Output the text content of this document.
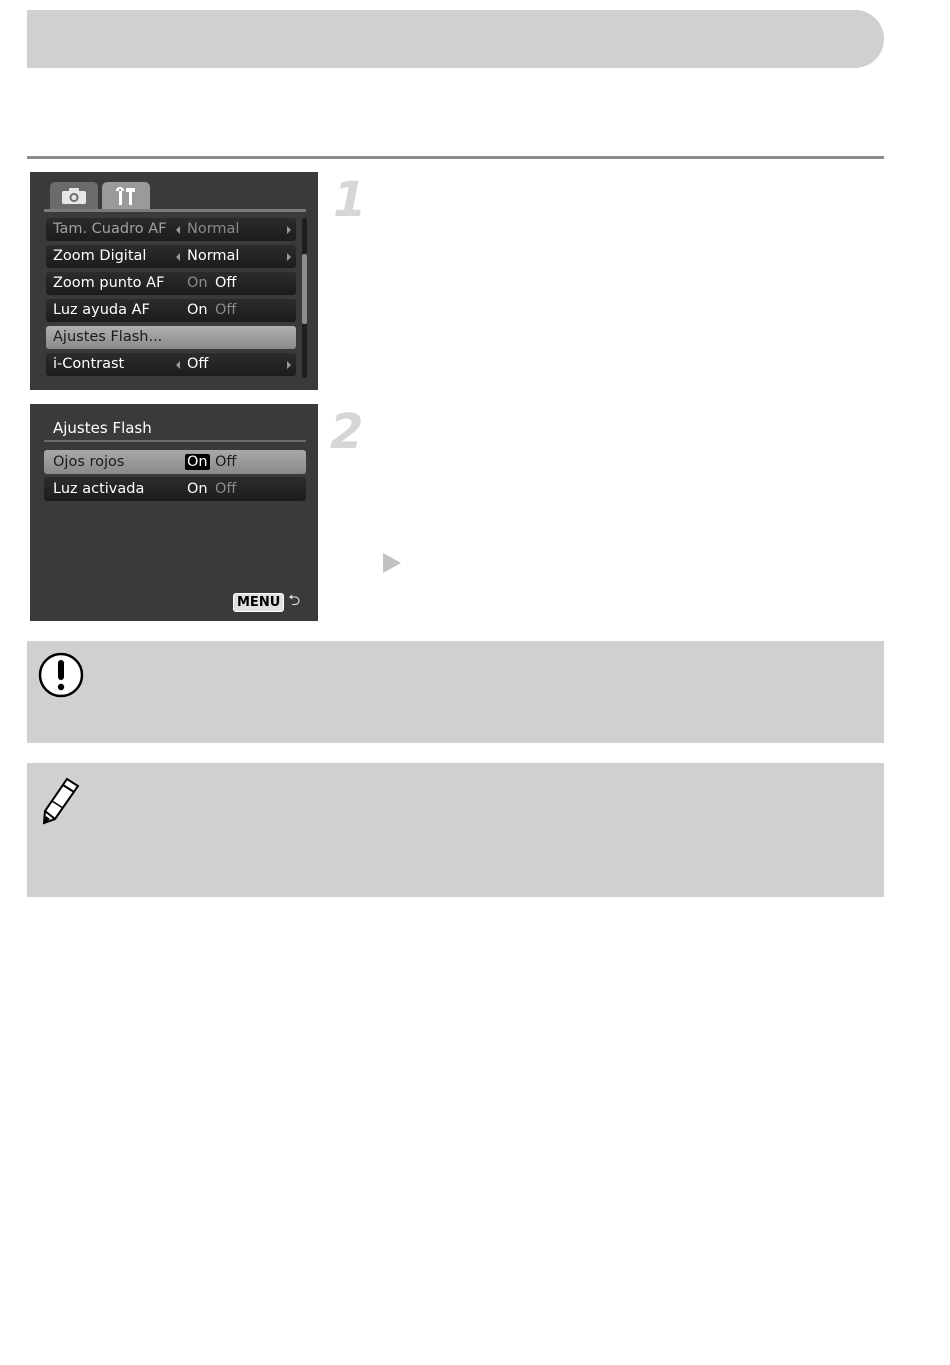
Tam. Cuadro AF Normal
Zoom Digital	Normal
Zoom punto AF On Off
Luz ayuda AF	On Off
Ajustes Flash...
i-Contrast	Off
1
Ajustes Flash
Ojos rojos	On Off
Luz activada	On Off
MENU ⮌
2
